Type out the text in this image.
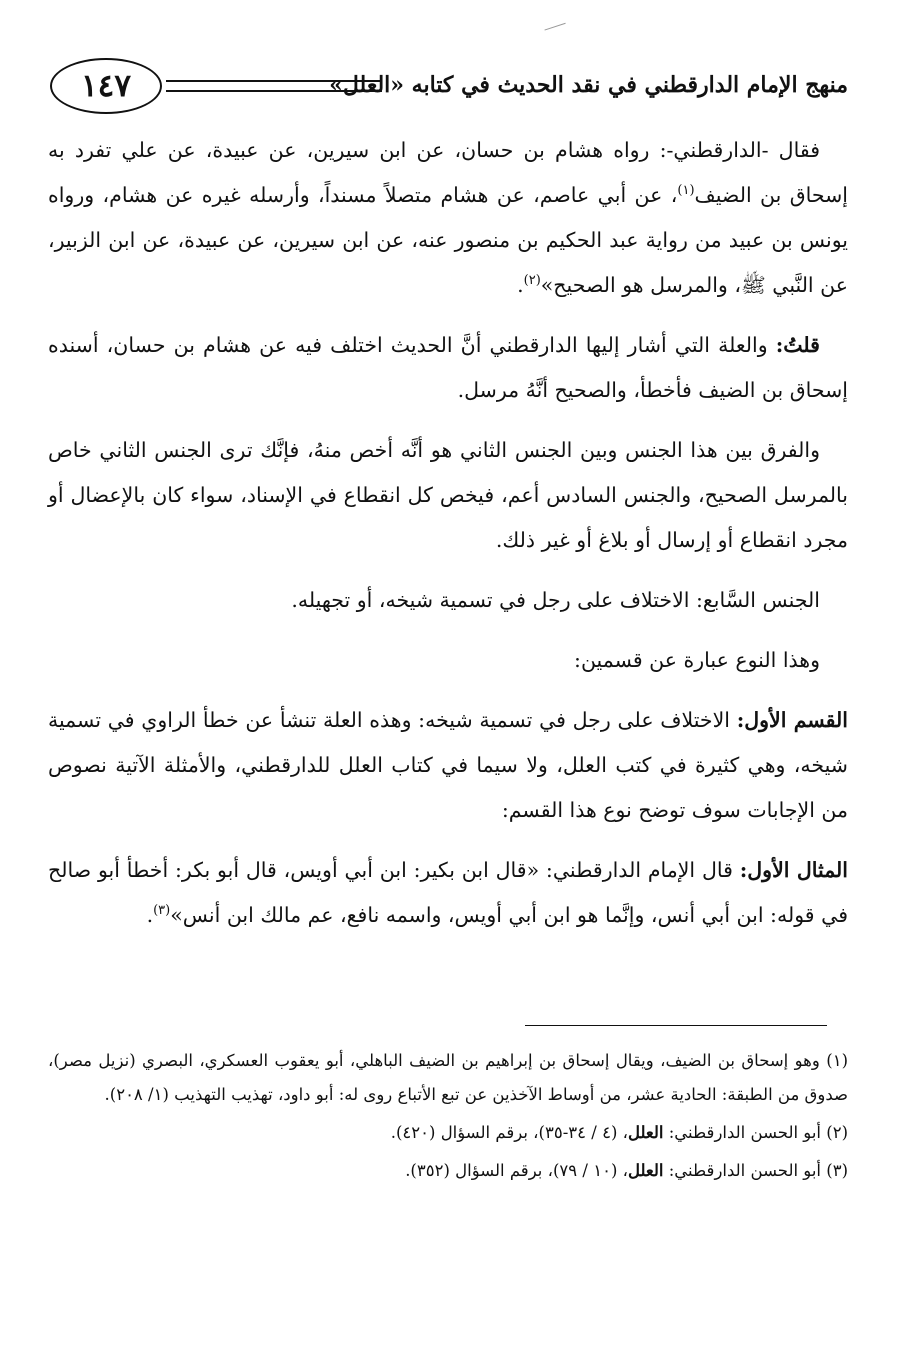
منهج الإمام الدارقطني في نقد الحديث في كتابه «العلل»
١٤٧

فقال -الدارقطني-: رواه هشام بن حسان، عن ابن سيرين، عن عبيدة، عن علي تفرد به إسحاق بن الضيف$^{(١)}$، عن أبي عاصم، عن هشام متصلاً مسنداً، وأرسله غيره عن هشام، ورواه يونس بن عبيد من رواية عبد الحكيم بن منصور عنه، عن ابن سيرين، عن عبيدة، عن ابن الزبير، عن النَّبي ﷺ، والمرسل هو الصحيح»$^{(٢)}$.

قلتُ: والعلة التي أشار إليها الدارقطني أنَّ الحديث اختلف فيه عن هشام بن حسان، أسنده إسحاق بن الضيف فأخطأ، والصحيح أنَّهُ مرسل.

والفرق بين هذا الجنس وبين الجنس الثاني هو أنَّه أخص منهُ، فإنَّك ترى الجنس الثاني خاص بالمرسل الصحيح، والجنس السادس أعم، فيخص كل انقطاع في الإسناد، سواء كان بالإعضال أو مجرد انقطاع أو إرسال أو بلاغ أو غير ذلك.

الجنس السَّابع: الاختلاف على رجل في تسمية شيخه، أو تجهيله.

وهذا النوع عبارة عن قسمين:

القسم الأول: الاختلاف على رجل في تسمية شيخه: وهذه العلة تنشأ عن خطأ الراوي في تسمية شيخه، وهي كثيرة في كتب العلل، ولا سيما في كتاب العلل للدارقطني، والأمثلة الآتية نصوص من الإجابات سوف توضح نوع هذا القسم:

المثال الأول: قال الإمام الدارقطني: «قال ابن بكير: ابن أبي أويس، قال أبو بكر: أخطأ أبو صالح في قوله: ابن أبي أنس، وإنَّما هو ابن أبي أويس، واسمه نافع، عم مالك ابن أنس»$^{(٣)}$.

(١) وهو إسحاق بن الضيف، ويقال إسحاق بن إبراهيم بن الضيف الباهلي، أبو يعقوب العسكري، البصري (نزيل مصر)، صدوق من الطبقة: الحادية عشر، من أوساط الآخذين عن تبع الأتباع روى له: أبو داود، تهذيب التهذيب (١/ ٢٠٨).

(٢) أبو الحسن الدارقطني: العلل، (٤ / ٣٤-٣٥)، برقم السؤال (٤٢٠).

(٣) أبو الحسن الدارقطني: العلل، (١٠ / ٧٩)، برقم السؤال (٣٥٢).
